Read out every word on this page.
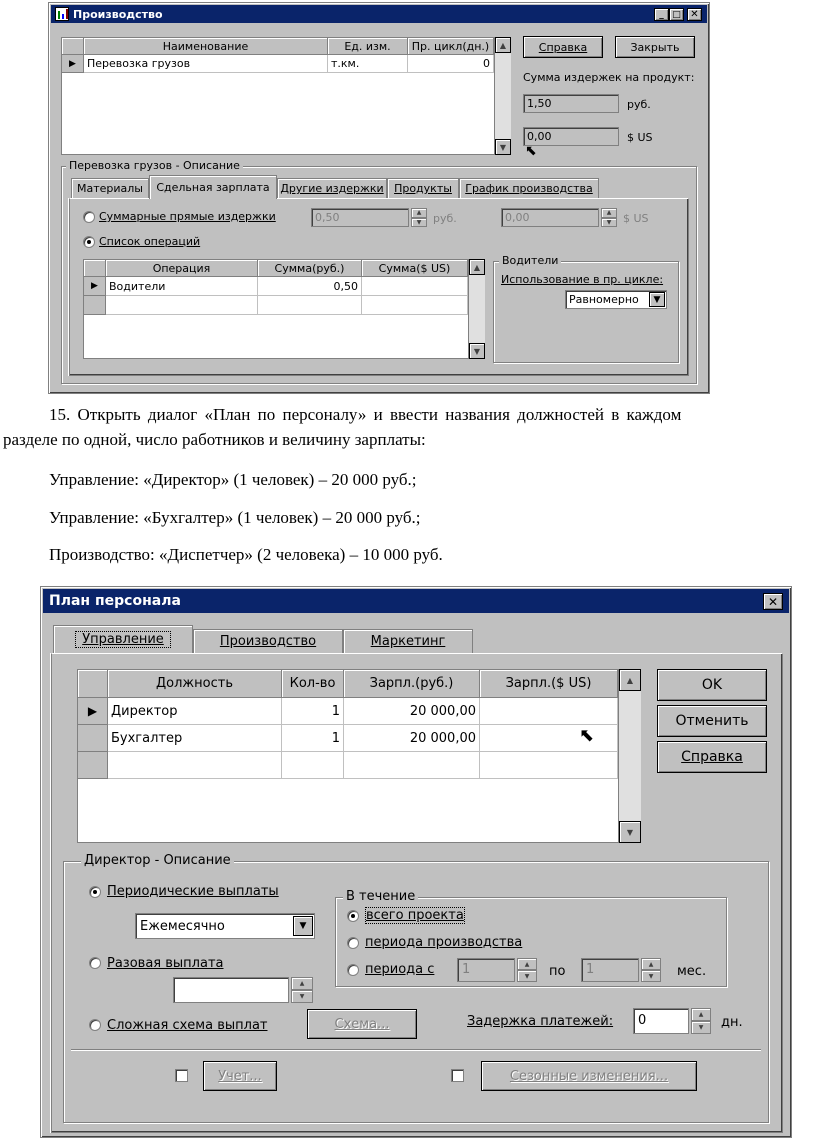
Производство	_ □ ✕
Наименование	Ед. изм.	Пр. цикл(дн.)
▶	Перевозка грузов	т.км.	0
▲
▼
Справка	Закрыть
Сумма издержек на продукт:
1,50	руб.
0,00	$ US
⬉
Перевозка грузов - Описание
Материалы	Сдельная зарплата Другие издержки Продукты График производства
Суммарные прямые издержки	0,50	▲
▼	руб.	0,00	▲
▼	$ US
Список операций
Операция	Сумма(руб.)	Сумма($ US)
▶	Водители	0,50
▲
▼
Водители
Использование в пр. цикле:
Равномерно	▼
15. Открыть диалог «План по персоналу» и ввести названия должностей в каждом
разделе по одной, число работников и величину зарплаты:
Управление: «Директор» (1 человек) – 20 000 руб.;
Управление: «Бухгалтер» (1 человек) – 20 000 руб.;
Производство: «Диспетчер» (2 человека) – 10 000 руб.
План персонала	✕
Управление	Производство	Маркетинг
Должность	Кол-во	Зарпл.(руб.)	Зарпл.($ US)
▶	Директор	1	20 000,00
Бухгалтер	1	20 000,00	⬉
▲
▼
OK
Отменить
Справка
Директор - Описание
Периодические выплаты
Ежемесячно	▼
Разовая выплата
▲
▼
Сложная схема выплат	Схема...
В течение
всего проекта
периода производства
периода с	1	▲
▼	по	1	▲
▼	мес.
Задержка платежей:	0	▲
▼	дн.
Учет...	Сезонные изменения...
